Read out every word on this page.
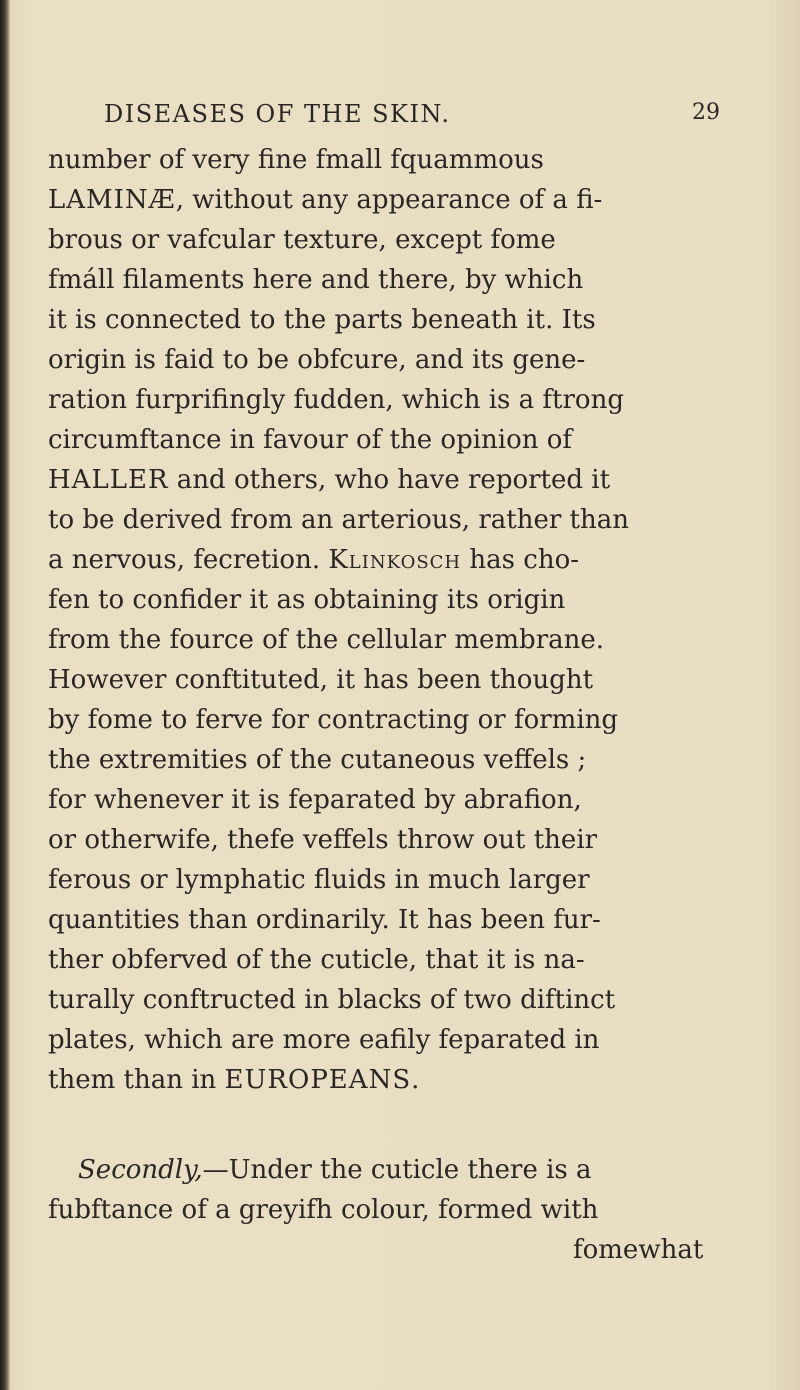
DISEASES OF THE SKIN.	29
number of very fine fmall fquammous
LAMINÆ, without any appearance of a fi-
brous or vafcular texture, except fome
fmáll filaments here and there, by which
it is connected to the parts beneath it. Its
origin is faid to be obfcure, and its gene-
ration furprifingly fudden, which is a ftrong
circumftance in favour of the opinion of
HALLER and others, who have reported it
to be derived from an arterious, rather than
a nervous, fecretion. Klinkosch has cho-
fen to confider it as obtaining its origin
from the fource of the cellular membrane.
However conftituted, it has been thought
by fome to ferve for contracting or forming
the extremities of the cutaneous veffels ;
for whenever it is feparated by abrafion,
or otherwife, thefe veffels throw out their
ferous or lymphatic fluids in much larger
quantities than ordinarily. It has been fur-
ther obferved of the cuticle, that it is na-
turally conftructed in blacks of two diftinct
plates, which are more eafily feparated in
them than in EUROPEANS.
Secondly,—Under the cuticle there is a
fubftance of a greyifh colour, formed with
fomewhat
